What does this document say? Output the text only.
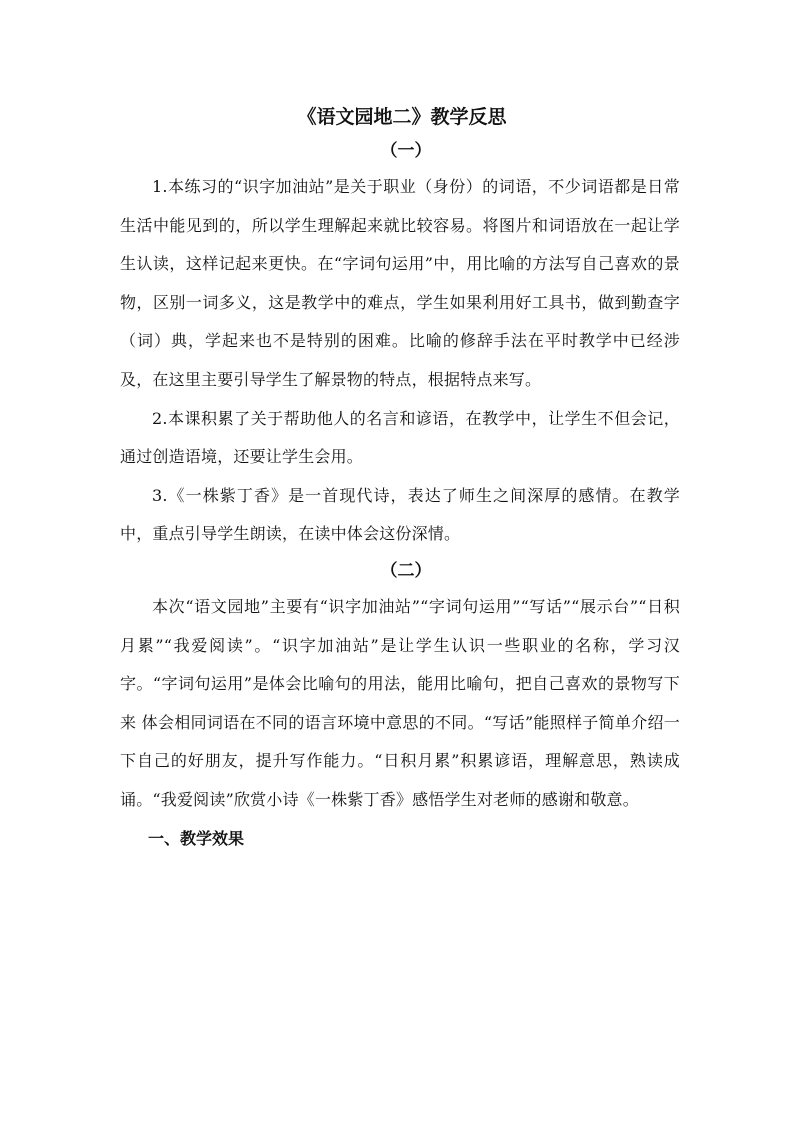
《语文园地二》教学反思
（一）

1.本练习的“识字加油站”是关于职业（身份）的词语，不少词语都是日常生活中能见到的，所以学生理解起来就比较容易。将图片和词语放在一起让学生认读，这样记起来更快。在“字词句运用”中，用比喻的方法写自己喜欢的景物，区别一词多义，这是教学中的难点，学生如果利用好工具书，做到勤查字（词）典，学起来也不是特别的困难。比喻的修辞手法在平时教学中已经涉及，在这里主要引导学生了解景物的特点，根据特点来写。

2.本课积累了关于帮助他人的名言和谚语，在教学中，让学生不但会记，通过创造语境，还要让学生会用。

3.《一株紫丁香》是一首现代诗，表达了师生之间深厚的感情。在教学中，重点引导学生朗读，在读中体会这份深情。

（二）

本次“语文园地”主要有“识字加油站”“字词句运用”“写话”“展示台”“日积月累”“我爱阅读”。“识字加油站”是让学生认识一些职业的名称，学习汉字。“字词句运用”是体会比喻句的用法，能用比喻句，把自己喜欢的景物写下来 体会相同词语在不同的语言环境中意思的不同。“写话”能照样子简单介绍一下自己的好朋友，提升写作能力。“日积月累”积累谚语，理解意思，熟读成诵。“我爱阅读”欣赏小诗《一株紫丁香》感悟学生对老师的感谢和敬意。

一、教学效果
